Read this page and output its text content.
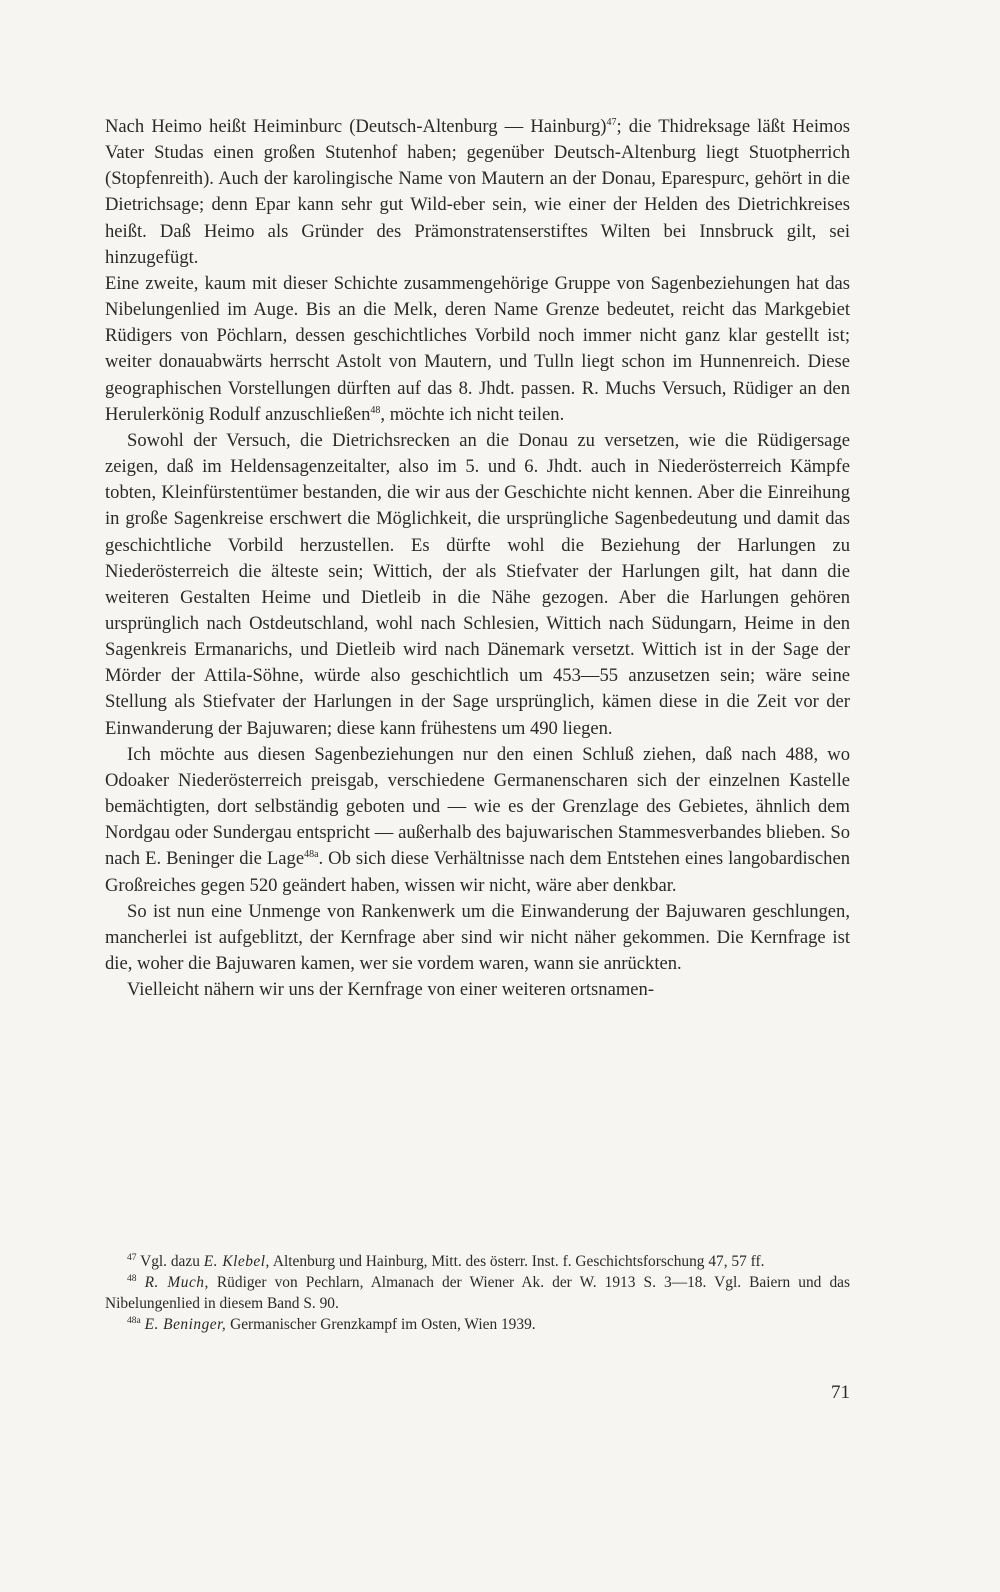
Nach Heimo heißt Heiminburc (Deutsch-Altenburg — Hainburg)$^{47}$; die Thidreksage läßt Heimos Vater Studas einen großen Stutenhof haben; gegenüber Deutsch-Altenburg liegt Stuotpherrich (Stopfenreith). Auch der karolingische Name von Mautern an der Donau, Eparespurc, gehört in die Dietrichsage; denn Epar kann sehr gut Wild-eber sein, wie einer der Helden des Dietrichkreises heißt. Daß Heimo als Gründer des Prämonstratenserstiftes Wilten bei Innsbruck gilt, sei hinzugefügt.

Eine zweite, kaum mit dieser Schichte zusammengehörige Gruppe von Sagenbeziehungen hat das Nibelungenlied im Auge. Bis an die Melk, deren Name Grenze bedeutet, reicht das Markgebiet Rüdigers von Pöchlarn, dessen geschichtliches Vorbild noch immer nicht ganz klar gestellt ist; weiter donauabwärts herrscht Astolt von Mautern, und Tulln liegt schon im Hunnenreich. Diese geographischen Vorstellungen dürften auf das 8. Jhdt. passen. R. Muchs Versuch, Rüdiger an den Herulerkönig Rodulf anzuschließen$^{48}$, möchte ich nicht teilen.

Sowohl der Versuch, die Dietrichsrecken an die Donau zu versetzen, wie die Rüdigersage zeigen, daß im Heldensagenzeitalter, also im 5. und 6. Jhdt. auch in Niederösterreich Kämpfe tobten, Kleinfürstentümer bestanden, die wir aus der Geschichte nicht kennen. Aber die Einreihung in große Sagenkreise erschwert die Möglichkeit, die ursprüngliche Sagenbedeutung und damit das geschichtliche Vorbild herzustellen. Es dürfte wohl die Beziehung der Harlungen zu Niederösterreich die älteste sein; Wittich, der als Stiefvater der Harlungen gilt, hat dann die weiteren Gestalten Heime und Dietleib in die Nähe gezogen. Aber die Harlungen gehören ursprünglich nach Ostdeutschland, wohl nach Schlesien, Wittich nach Südungarn, Heime in den Sagenkreis Ermanarichs, und Dietleib wird nach Dänemark versetzt. Wittich ist in der Sage der Mörder der Attila-Söhne, würde also geschichtlich um 453—55 anzusetzen sein; wäre seine Stellung als Stiefvater der Harlungen in der Sage ursprünglich, kämen diese in die Zeit vor der Einwanderung der Bajuwaren; diese kann frühestens um 490 liegen.

Ich möchte aus diesen Sagenbeziehungen nur den einen Schluß ziehen, daß nach 488, wo Odoaker Niederösterreich preisgab, verschiedene Germanenscharen sich der einzelnen Kastelle bemächtigten, dort selbständig geboten und — wie es der Grenzlage des Gebietes, ähnlich dem Nordgau oder Sundergau entspricht — außerhalb des bajuwarischen Stammesverbandes blieben. So nach E. Beninger die Lage$^{48a}$. Ob sich diese Verhältnisse nach dem Entstehen eines langobardischen Großreiches gegen 520 geändert haben, wissen wir nicht, wäre aber denkbar.

So ist nun eine Unmenge von Rankenwerk um die Einwanderung der Bajuwaren geschlungen, mancherlei ist aufgeblitzt, der Kernfrage aber sind wir nicht näher gekommen. Die Kernfrage ist die, woher die Bajuwaren kamen, wer sie vordem waren, wann sie anrückten.

Vielleicht nähern wir uns der Kernfrage von einer weiteren ortsnamen-

$^{47}$ Vgl. dazu E. Klebel, Altenburg und Hainburg, Mitt. des österr. Inst. f. Geschichtsforschung 47, 57 ff.

$^{48}$ R. Much, Rüdiger von Pechlarn, Almanach der Wiener Ak. der W. 1913 S. 3—18. Vgl. Baiern und das Nibelungenlied in diesem Band S. 90.

$^{48a}$ E. Beninger, Germanischer Grenzkampf im Osten, Wien 1939.

71
